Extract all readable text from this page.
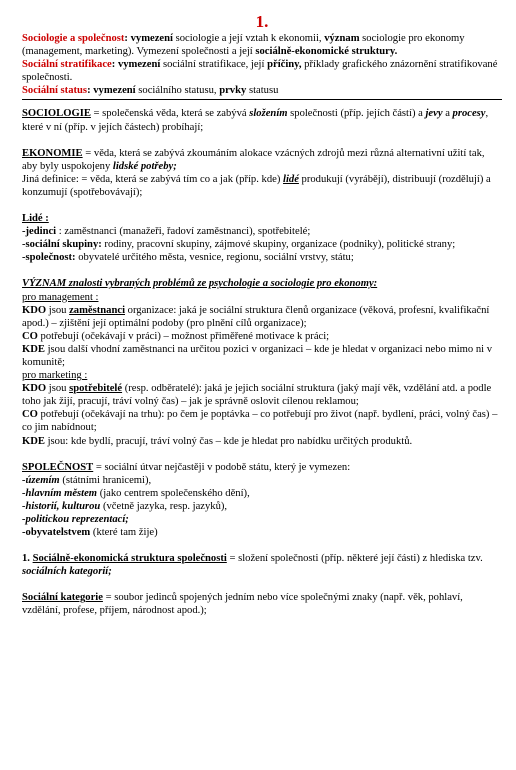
1.

Sociologie a společnost: vymezení sociologie a její vztah k ekonomii, význam sociologie pro ekonomy (management, marketing). Vymezení společnosti a její sociálně-ekonomické struktury.

Sociální stratifikace: vymezení sociální stratifikace, její příčiny, příklady grafického znázornění stratifikované společnosti.

Sociální status: vymezení sociálního statusu, prvky statusu

SOCIOLOGIE = společenská věda, která se zabývá složením společnosti (příp. jejích částí) a jevy a procesy, které v ní (příp. v jejích částech) probíhají;

EKONOMIE = věda, která se zabývá zkoumáním alokace vzácných zdrojů mezi různá alternativní užití tak, aby byly uspokojeny lidské potřeby;

Jiná definice: = věda, která se zabývá tím co a jak (příp. kde) lidé produkují (vyrábějí), distribuují (rozdělují) a konzumují (spotřebovávají);

Lidé :

-jedinci : zaměstnanci (manažeři, řadoví zaměstnanci), spotřebitelé;

-sociální skupiny: rodiny, pracovní skupiny, zájmové skupiny, organizace (podniky), politické strany;

-společnost: obyvatelé určitého města, vesnice, regionu, sociální vrstvy, státu;

VÝZNAM znalosti vybraných problémů ze psychologie a sociologie pro ekonomy:

pro management :

KDO jsou zaměstnanci organizace: jaká je sociální struktura členů organizace (věková, profesní, kvalifikační apod.) – zjištění její optimální podoby (pro plnění cílů organizace);

CO potřebují (očekávají v práci) – možnost přiměřené motivace k práci;

KDE jsou další vhodní zaměstnanci na určitou pozici v organizaci – kde je hledat v organizaci nebo mimo ni v komunitě;

pro marketing :

KDO jsou spotřebitelé (resp. odběratelé): jaká je jejich sociální struktura (jaký mají věk, vzdělání atd. a podle toho jak žijí, pracují, tráví volný čas) – jak je správně oslovit cílenou reklamou;

CO potřebují (očekávají na trhu): po čem je poptávka – co potřebují pro život (např. bydlení, práci, volný čas) – co jim nabídnout;

KDE jsou: kde bydlí, pracují, tráví volný čas – kde je hledat pro nabídku určitých produktů.

SPOLEČNOST = sociální útvar nejčastěji v podobě státu, který je vymezen:

-územím (státními hranicemi),

-hlavním městem (jako centrem společenského dění),

-historií, kulturou (včetně jazyka, resp. jazyků),

-politickou reprezentací;

-obyvatelstvem (které tam žije)

1. Sociálně-ekonomická struktura společnosti = složení společnosti (příp. některé její části) z hlediska tzv. sociálních kategorií;

Sociální kategorie = soubor jedinců spojených jedním nebo více společnými znaky (např. věk, pohlaví, vzdělání, profese, příjem, národnost apod.);
